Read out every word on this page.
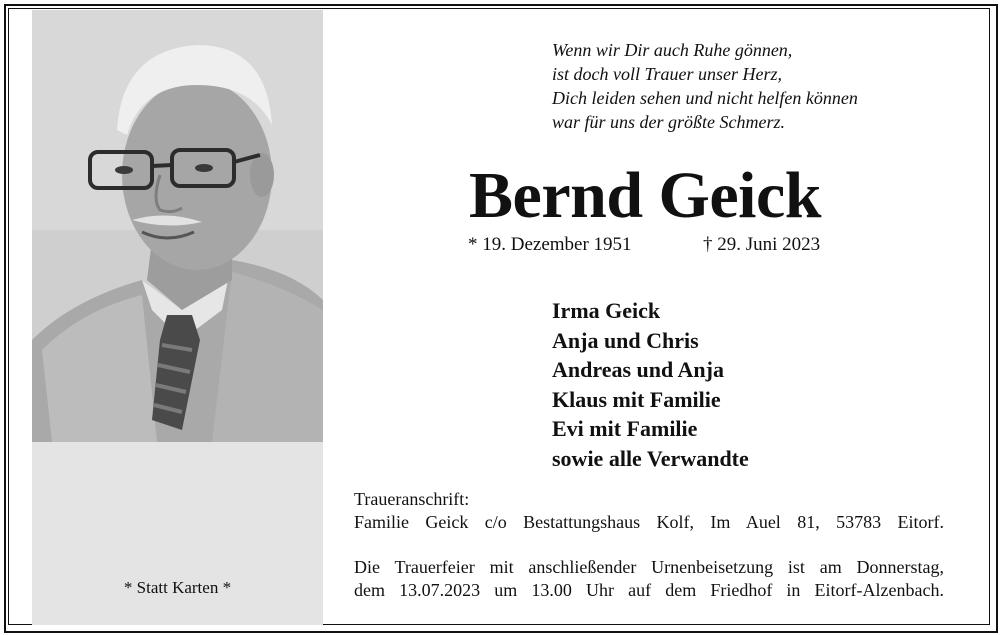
* Statt Karten *
Wenn wir Dir auch Ruhe gönnen,
ist doch voll Trauer unser Herz,
Dich leiden sehen und nicht helfen können
war für uns der größte Schmerz.
Bernd Geick
* 19. Dezember 1951	† 29. Juni 2023
Irma Geick
Anja und Chris
Andreas und Anja
Klaus mit Familie
Evi mit Familie
sowie alle Verwandte
Traueranschrift:
Familie Geick c/o Bestattungshaus Kolf, Im Auel 81, 53783 Eitorf.
Die Trauerfeier mit anschließender Urnenbeisetzung ist am Donnerstag,
dem 13.07.2023 um 13.00 Uhr auf dem Friedhof in Eitorf-Alzenbach.
